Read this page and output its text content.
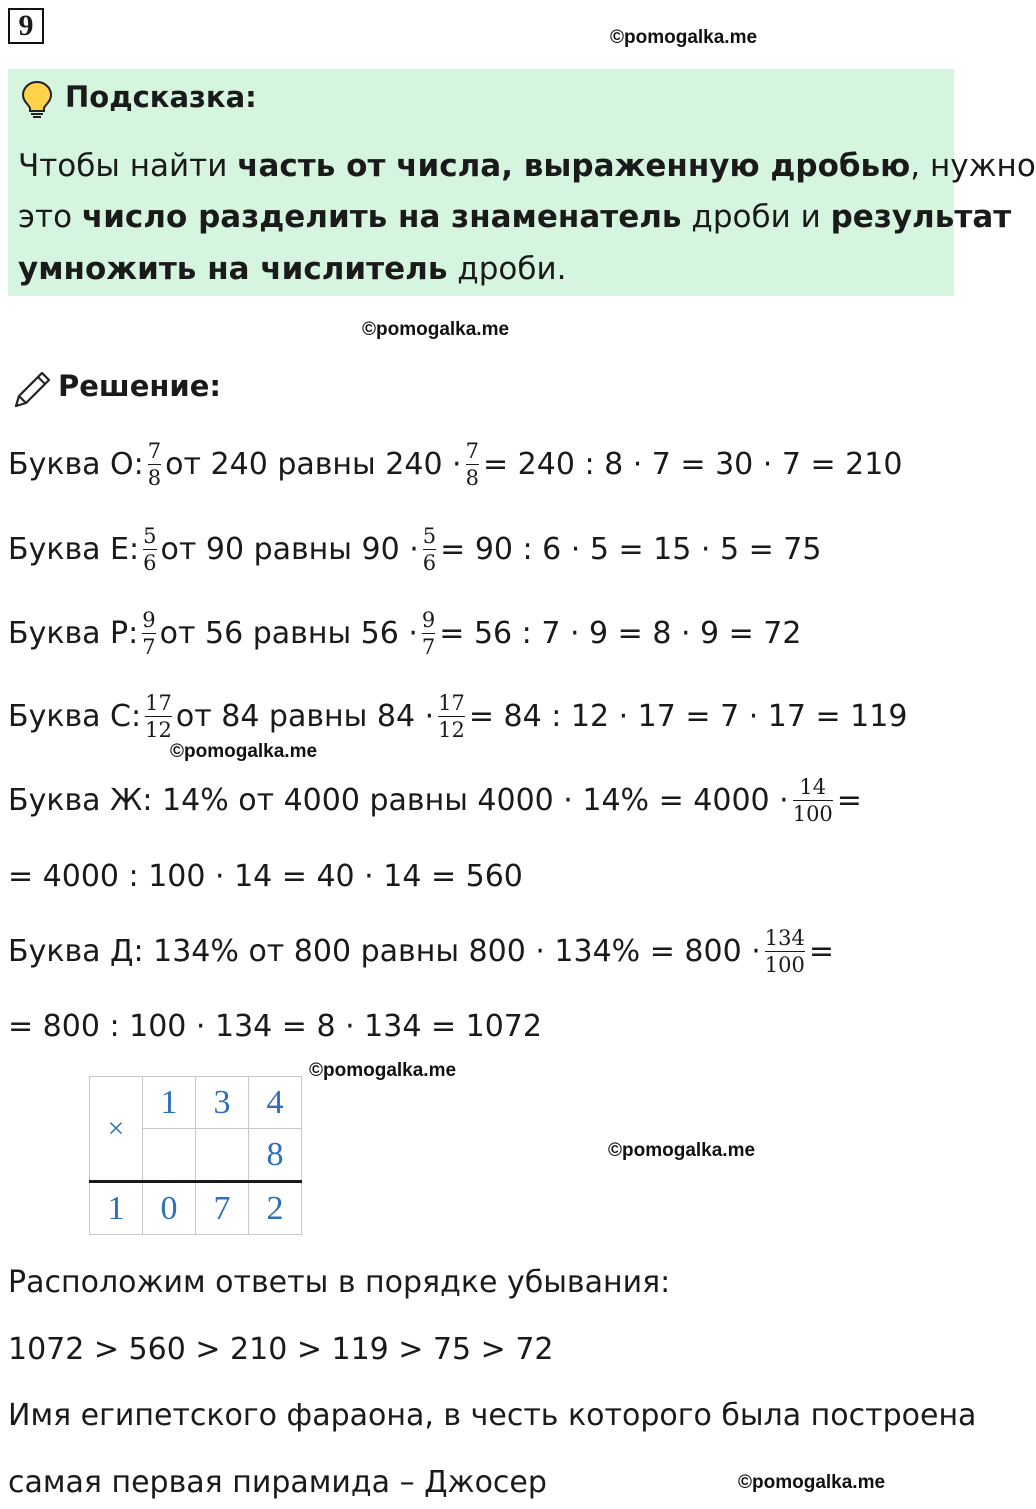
9	©pomogalka.me
Подсказка:
Чтобы найти часть от числа, выраженную дробью, нужно
это число разделить на знаменатель дроби и результат
умножить на числитель дроби.
©pomogalka.me
Решение:
Буква О: $\frac{7}{8}$ от 240 равны $240 \cdot \frac{7}{8} = 240$ : 8 · 7 = 30 · 7 = 210
Буква Е: $\frac{5}{6}$ от 90 равны $90 \cdot \frac{5}{6} = 90$ : 6 · 5 = 15 · 5 = 75
Буква Р: $\frac{9}{7}$ от 56 равны $56 \cdot \frac{9}{7} = 56$ : 7 · 9 = 8 · 9 = 72
Буква С: $\frac{17}{12}$ от 84 равны $84 \cdot \frac{17}{12} = 84$ : 12 · 17 = 7 · 17 = 119
©pomogalka.me
Буква Ж: 14% от 4000 равны $4000 \cdot 14\% = 4000 \cdot \frac{14}{100}$ =
= 4000 : 100 · 14 = 40 · 14 = 560
Буква Д: 134% от 800 равны $800 \cdot 134\% = 800 \cdot \frac{134}{100}$ =
= 800 : 100 · 134 = 8 · 134 = 1072
©pomogalka.me
×	1	3	4
			8
1	0	7	2
©pomogalka.me
Расположим ответы в порядке убывания:
1072 > 560 > 210 > 119 > 75 > 72
Имя египетского фараона, в честь которого была построена
самая первая пирамида – Джосер	©pomogalka.me
